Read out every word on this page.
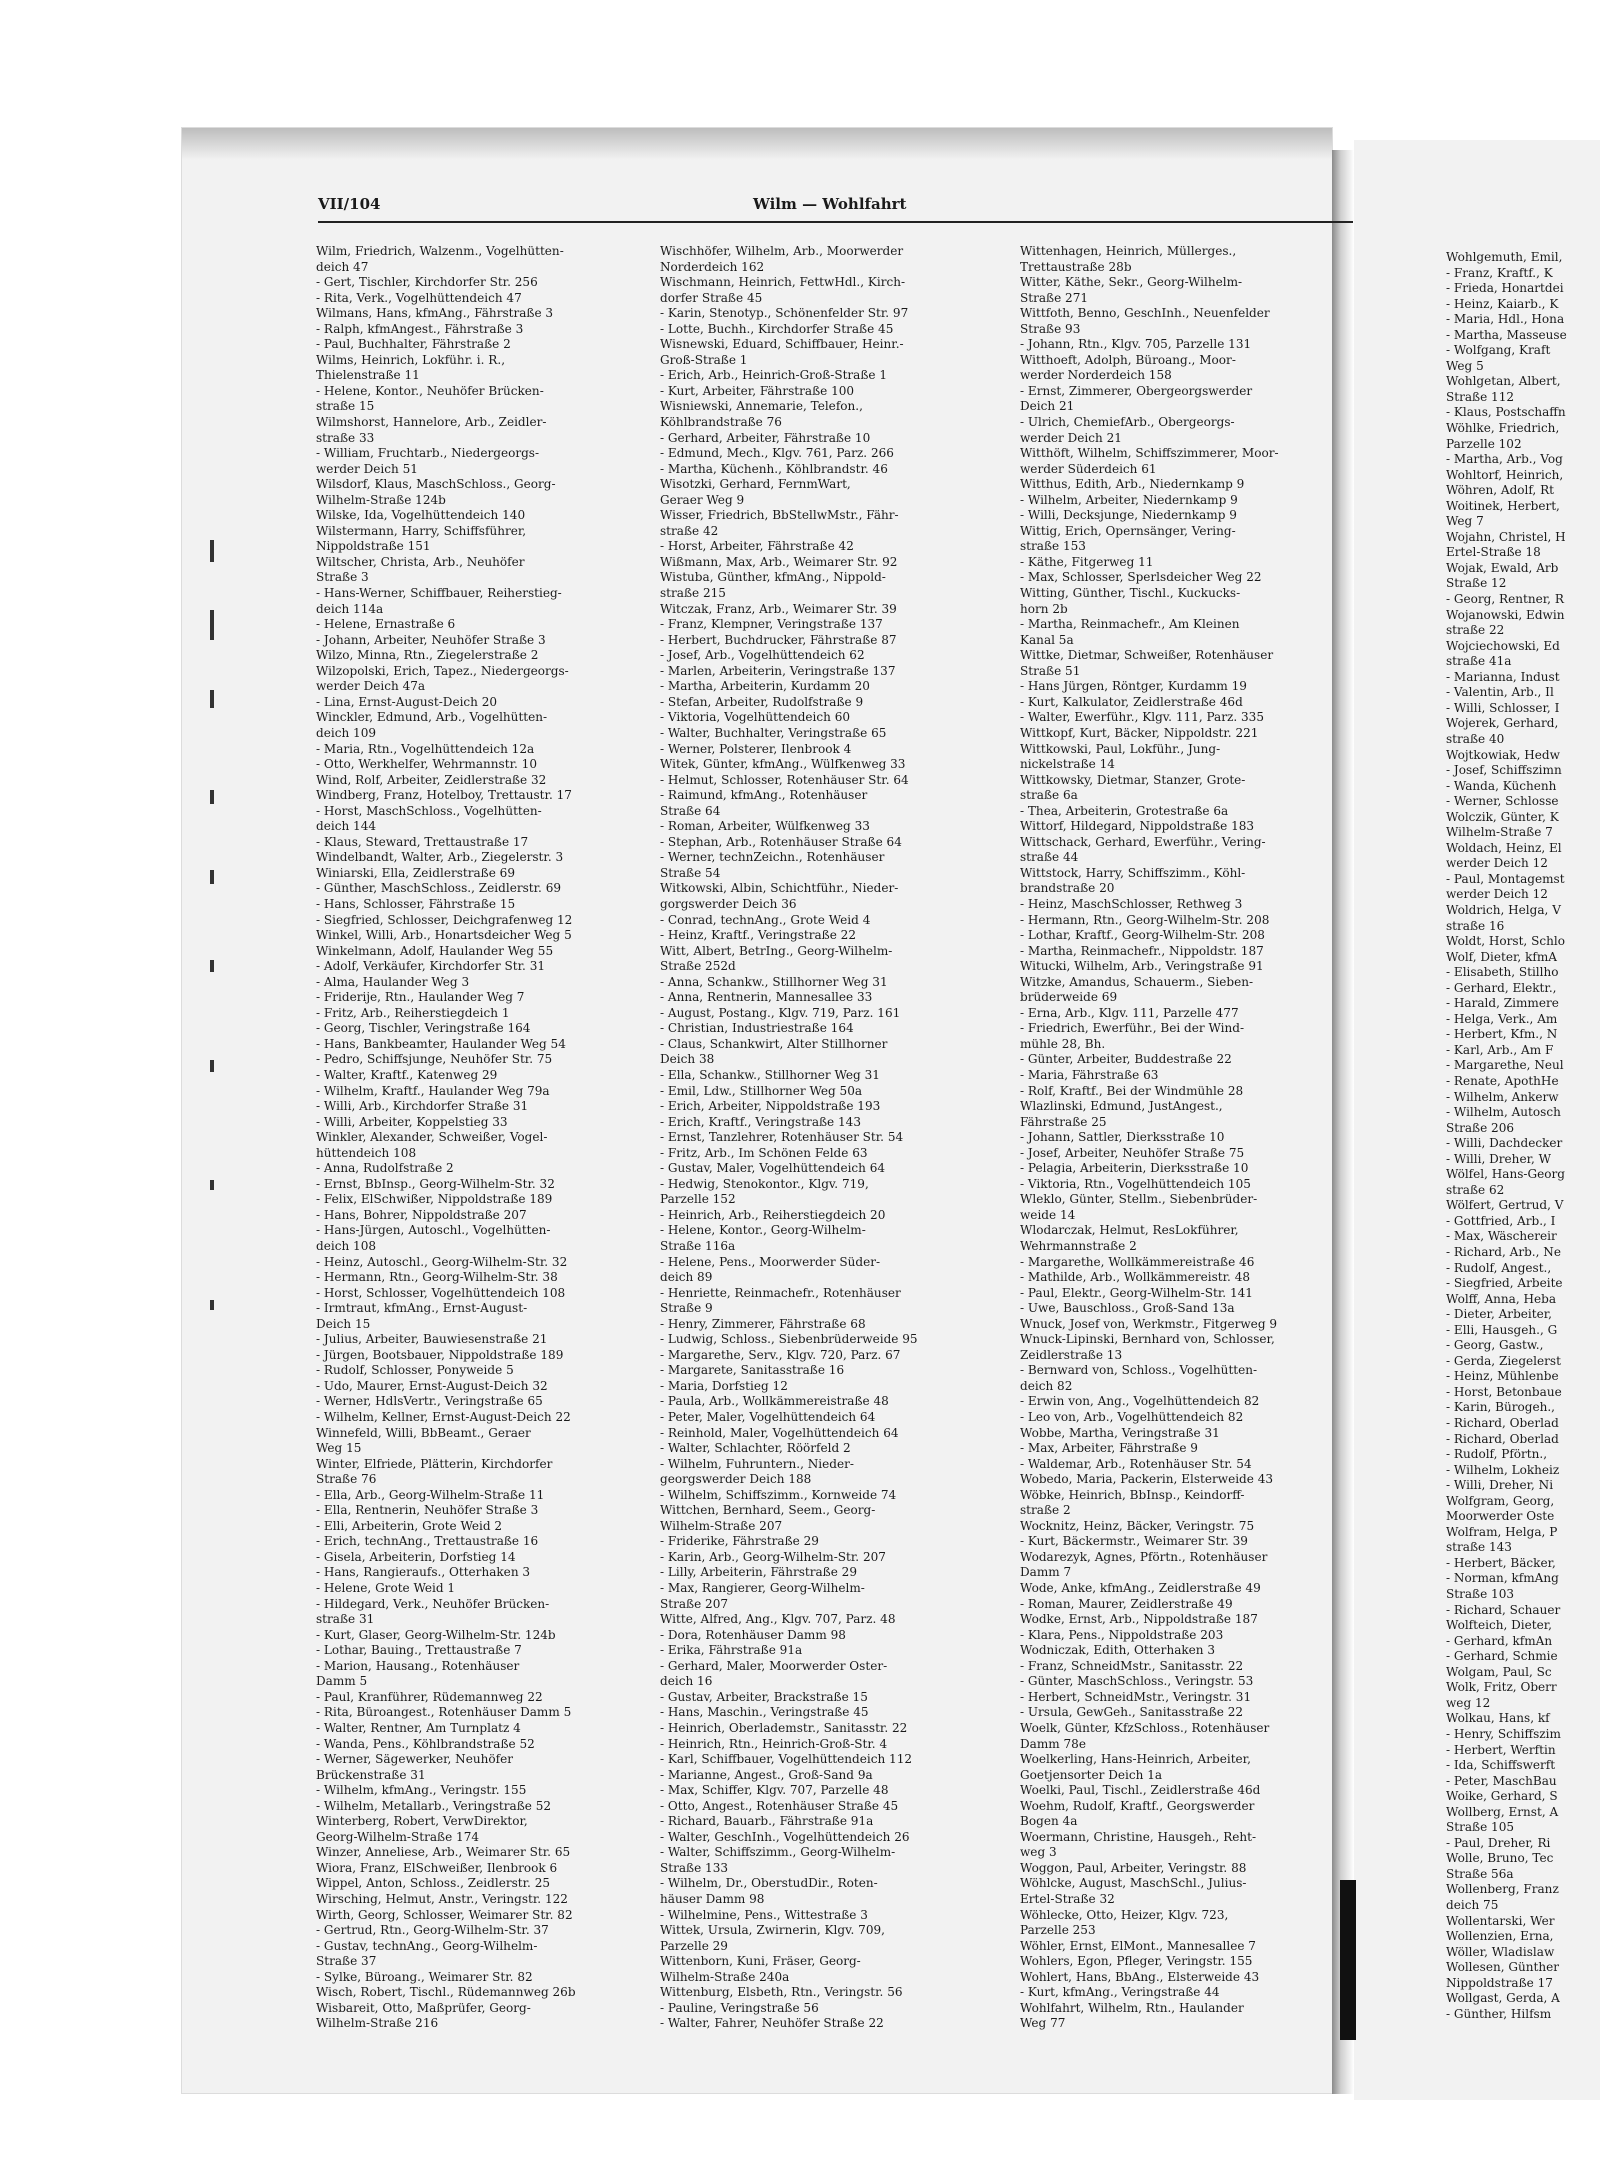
VII/104	Wilm — Wohlfahrt
Wilm, Friedrich, Walzenm., Vogelhütten-
deich 47
- Gert, Tischler, Kirchdorfer Str. 256
- Rita, Verk., Vogelhüttendeich 47
Wilmans, Hans, kfmAng., Fährstraße 3
- Ralph, kfmAngest., Fährstraße 3
- Paul, Buchhalter, Fährstraße 2
Wilms, Heinrich, Lokführ. i. R.,
Thielenstraße 11
- Helene, Kontor., Neuhöfer Brücken-
straße 15
Wilmshorst, Hannelore, Arb., Zeidler-
straße 33
- William, Fruchtarb., Niedergeorgs-
werder Deich 51
Wilsdorf, Klaus, MaschSchloss., Georg-
Wilhelm-Straße 124b
Wilske, Ida, Vogelhüttendeich 140
Wilstermann, Harry, Schiffsführer,
Nippoldstraße 151
Wiltscher, Christa, Arb., Neuhöfer
Straße 3
- Hans-Werner, Schiffbauer, Reiherstieg-
deich 114a
- Helene, Ernastraße 6
- Johann, Arbeiter, Neuhöfer Straße 3
Wilzo, Minna, Rtn., Ziegelerstraße 2
Wilzopolski, Erich, Tapez., Niedergeorgs-
werder Deich 47a
- Lina, Ernst-August-Deich 20
Winckler, Edmund, Arb., Vogelhütten-
deich 109
- Maria, Rtn., Vogelhüttendeich 12a
- Otto, Werkhelfer, Wehrmannstr. 10
Wind, Rolf, Arbeiter, Zeidlerstraße 32
Windberg, Franz, Hotelboy, Trettaustr. 17
- Horst, MaschSchloss., Vogelhütten-
deich 144
- Klaus, Steward, Trettaustraße 17
Windelbandt, Walter, Arb., Ziegelerstr. 3
Winiarski, Ella, Zeidlerstraße 69
- Günther, MaschSchloss., Zeidlerstr. 69
- Hans, Schlosser, Fährstraße 15
- Siegfried, Schlosser, Deichgrafenweg 12
Winkel, Willi, Arb., Honartsdeicher Weg 5
Winkelmann, Adolf, Haulander Weg 55
- Adolf, Verkäufer, Kirchdorfer Str. 31
- Alma, Haulander Weg 3
- Friderije, Rtn., Haulander Weg 7
- Fritz, Arb., Reiherstiegdeich 1
- Georg, Tischler, Veringstraße 164
- Hans, Bankbeamter, Haulander Weg 54
- Pedro, Schiffsjunge, Neuhöfer Str. 75
- Walter, Kraftf., Katenweg 29
- Wilhelm, Kraftf., Haulander Weg 79a
- Willi, Arb., Kirchdorfer Straße 31
- Willi, Arbeiter, Koppelstieg 33
Winkler, Alexander, Schweißer, Vogel-
hüttendeich 108
- Anna, Rudolfstraße 2
- Ernst, BbInsp., Georg-Wilhelm-Str. 32
- Felix, ElSchwißer, Nippoldstraße 189
- Hans, Bohrer, Nippoldstraße 207
- Hans-Jürgen, Autoschl., Vogelhütten-
deich 108
- Heinz, Autoschl., Georg-Wilhelm-Str. 32
- Hermann, Rtn., Georg-Wilhelm-Str. 38
- Horst, Schlosser, Vogelhüttendeich 108
- Irmtraut, kfmAng., Ernst-August-
Deich 15
- Julius, Arbeiter, Bauwiesenstraße 21
- Jürgen, Bootsbauer, Nippoldstraße 189
- Rudolf, Schlosser, Ponyweide 5
- Udo, Maurer, Ernst-August-Deich 32
- Werner, HdlsVertr., Veringstraße 65
- Wilhelm, Kellner, Ernst-August-Deich 22
Winnefeld, Willi, BbBeamt., Geraer
Weg 15
Winter, Elfriede, Plätterin, Kirchdorfer
Straße 76
- Ella, Arb., Georg-Wilhelm-Straße 11
- Ella, Rentnerin, Neuhöfer Straße 3
- Elli, Arbeiterin, Grote Weid 2
- Erich, technAng., Trettaustraße 16
- Gisela, Arbeiterin, Dorfstieg 14
- Hans, Rangieraufs., Otterhaken 3
- Helene, Grote Weid 1
- Hildegard, Verk., Neuhöfer Brücken-
straße 31
- Kurt, Glaser, Georg-Wilhelm-Str. 124b
- Lothar, Bauing., Trettaustraße 7
- Marion, Hausang., Rotenhäuser
Damm 5
- Paul, Kranführer, Rüdemannweg 22
- Rita, Büroangest., Rotenhäuser Damm 5
- Walter, Rentner, Am Turnplatz 4
- Wanda, Pens., Köhlbrandstraße 52
- Werner, Sägewerker, Neuhöfer
Brückenstraße 31
- Wilhelm, kfmAng., Veringstr. 155
- Wilhelm, Metallarb., Veringstraße 52
Winterberg, Robert, VerwDirektor,
Georg-Wilhelm-Straße 174
Winzer, Anneliese, Arb., Weimarer Str. 65
Wiora, Franz, ElSchweißer, Ilenbrook 6
Wippel, Anton, Schloss., Zeidlerstr. 25
Wirsching, Helmut, Anstr., Veringstr. 122
Wirth, Georg, Schlosser, Weimarer Str. 82
- Gertrud, Rtn., Georg-Wilhelm-Str. 37
- Gustav, technAng., Georg-Wilhelm-
Straße 37
- Sylke, Büroang., Weimarer Str. 82
Wisch, Robert, Tischl., Rüdemannweg 26b
Wisbareit, Otto, Maßprüfer, Georg-
Wilhelm-Straße 216
Wischhöfer, Wilhelm, Arb., Moorwerder
Norderdeich 162
Wischmann, Heinrich, FettwHdl., Kirch-
dorfer Straße 45
- Karin, Stenotyp., Schönenfelder Str. 97
- Lotte, Buchh., Kirchdorfer Straße 45
Wisnewski, Eduard, Schiffbauer, Heinr.-
Groß-Straße 1
- Erich, Arb., Heinrich-Groß-Straße 1
- Kurt, Arbeiter, Fährstraße 100
Wisniewski, Annemarie, Telefon.,
Köhlbrandstraße 76
- Gerhard, Arbeiter, Fährstraße 10
- Edmund, Mech., Klgv. 761, Parz. 266
- Martha, Küchenh., Köhlbrandstr. 46
Wisotzki, Gerhard, FernmWart,
Geraer Weg 9
Wisser, Friedrich, BbStellwMstr., Fähr-
straße 42
- Horst, Arbeiter, Fährstraße 42
Wißmann, Max, Arb., Weimarer Str. 92
Wistuba, Günther, kfmAng., Nippold-
straße 215
Witczak, Franz, Arb., Weimarer Str. 39
- Franz, Klempner, Veringstraße 137
- Herbert, Buchdrucker, Fährstraße 87
- Josef, Arb., Vogelhüttendeich 62
- Marlen, Arbeiterin, Veringstraße 137
- Martha, Arbeiterin, Kurdamm 20
- Stefan, Arbeiter, Rudolfstraße 9
- Viktoria, Vogelhüttendeich 60
- Walter, Buchhalter, Veringstraße 65
- Werner, Polsterer, Ilenbrook 4
Witek, Günter, kfmAng., Wülfkenweg 33
- Helmut, Schlosser, Rotenhäuser Str. 64
- Raimund, kfmAng., Rotenhäuser
Straße 64
- Roman, Arbeiter, Wülfkenweg 33
- Stephan, Arb., Rotenhäuser Straße 64
- Werner, technZeichn., Rotenhäuser
Straße 54
Witkowski, Albin, Schichtführ., Nieder-
gorgswerder Deich 36
- Conrad, technAng., Grote Weid 4
- Heinz, Kraftf., Veringstraße 22
Witt, Albert, BetrIng., Georg-Wilhelm-
Straße 252d
- Anna, Schankw., Stillhorner Weg 31
- Anna, Rentnerin, Mannesallee 33
- August, Postang., Klgv. 719, Parz. 161
- Christian, Industriestraße 164
- Claus, Schankwirt, Alter Stillhorner
Deich 38
- Ella, Schankw., Stillhorner Weg 31
- Emil, Ldw., Stillhorner Weg 50a
- Erich, Arbeiter, Nippoldstraße 193
- Erich, Kraftf., Veringstraße 143
- Ernst, Tanzlehrer, Rotenhäuser Str. 54
- Fritz, Arb., Im Schönen Felde 63
- Gustav, Maler, Vogelhüttendeich 64
- Hedwig, Stenokontor., Klgv. 719,
Parzelle 152
- Heinrich, Arb., Reiherstiegdeich 20
- Helene, Kontor., Georg-Wilhelm-
Straße 116a
- Helene, Pens., Moorwerder Süder-
deich 89
- Henriette, Reinmachefr., Rotenhäuser
Straße 9
- Henry, Zimmerer, Fährstraße 68
- Ludwig, Schloss., Siebenbrüderweide 95
- Margarethe, Serv., Klgv. 720, Parz. 67
- Margarete, Sanitasstraße 16
- Maria, Dorfstieg 12
- Paula, Arb., Wollkämmereistraße 48
- Peter, Maler, Vogelhüttendeich 64
- Reinhold, Maler, Vogelhüttendeich 64
- Walter, Schlachter, Röörfeld 2
- Wilhelm, Fuhruntern., Nieder-
georgswerder Deich 188
- Wilhelm, Schiffszimm., Kornweide 74
Wittchen, Bernhard, Seem., Georg-
Wilhelm-Straße 207
- Friderike, Fährstraße 29
- Karin, Arb., Georg-Wilhelm-Str. 207
- Lilly, Arbeiterin, Fährstraße 29
- Max, Rangierer, Georg-Wilhelm-
Straße 207
Witte, Alfred, Ang., Klgv. 707, Parz. 48
- Dora, Rotenhäuser Damm 98
- Erika, Fährstraße 91a
- Gerhard, Maler, Moorwerder Oster-
deich 16
- Gustav, Arbeiter, Brackstraße 15
- Hans, Maschin., Veringstraße 45
- Heinrich, Oberlademstr., Sanitasstr. 22
- Heinrich, Rtn., Heinrich-Groß-Str. 4
- Karl, Schiffbauer, Vogelhüttendeich 112
- Marianne, Angest., Groß-Sand 9a
- Max, Schiffer, Klgv. 707, Parzelle 48
- Otto, Angest., Rotenhäuser Straße 45
- Richard, Bauarb., Fährstraße 91a
- Walter, GeschInh., Vogelhüttendeich 26
- Walter, Schiffszimm., Georg-Wilhelm-
Straße 133
- Wilhelm, Dr., OberstudDir., Roten-
häuser Damm 98
- Wilhelmine, Pens., Wittestraße 3
Wittek, Ursula, Zwirnerin, Klgv. 709,
Parzelle 29
Wittenborn, Kuni, Fräser, Georg-
Wilhelm-Straße 240a
Wittenburg, Elsbeth, Rtn., Veringstr. 56
- Pauline, Veringstraße 56
- Walter, Fahrer, Neuhöfer Straße 22
Wittenhagen, Heinrich, Müllerges.,
Trettaustraße 28b
Witter, Käthe, Sekr., Georg-Wilhelm-
Straße 271
Wittfoth, Benno, GeschInh., Neuenfelder
Straße 93
- Johann, Rtn., Klgv. 705, Parzelle 131
Witthoeft, Adolph, Büroang., Moor-
werder Norderdeich 158
- Ernst, Zimmerer, Obergeorgswerder
Deich 21
- Ulrich, ChemiefArb., Obergeorgs-
werder Deich 21
Witthöft, Wilhelm, Schiffszimmerer, Moor-
werder Süderdeich 61
Witthus, Edith, Arb., Niedernkamp 9
- Wilhelm, Arbeiter, Niedernkamp 9
- Willi, Decksjunge, Niedernkamp 9
Wittig, Erich, Opernsänger, Vering-
straße 153
- Käthe, Fitgerweg 11
- Max, Schlosser, Sperlsdeicher Weg 22
Witting, Günther, Tischl., Kuckucks-
horn 2b
- Martha, Reinmachefr., Am Kleinen
Kanal 5a
Wittke, Dietmar, Schweißer, Rotenhäuser
Straße 51
- Hans Jürgen, Röntger, Kurdamm 19
- Kurt, Kalkulator, Zeidlerstraße 46d
- Walter, Ewerführ., Klgv. 111, Parz. 335
Wittkopf, Kurt, Bäcker, Nippoldstr. 221
Wittkowski, Paul, Lokführ., Jung-
nickelstraße 14
Wittkowsky, Dietmar, Stanzer, Grote-
straße 6a
- Thea, Arbeiterin, Grotestraße 6a
Wittorf, Hildegard, Nippoldstraße 183
Wittschack, Gerhard, Ewerführ., Vering-
straße 44
Wittstock, Harry, Schiffszimm., Köhl-
brandstraße 20
- Heinz, MaschSchlosser, Rethweg 3
- Hermann, Rtn., Georg-Wilhelm-Str. 208
- Lothar, Kraftf., Georg-Wilhelm-Str. 208
- Martha, Reinmachefr., Nippoldstr. 187
Witucki, Wilhelm, Arb., Veringstraße 91
Witzke, Amandus, Schauerm., Sieben-
brüderweide 69
- Erna, Arb., Klgv. 111, Parzelle 477
- Friedrich, Ewerführ., Bei der Wind-
mühle 28, Bh.
- Günter, Arbeiter, Buddestraße 22
- Maria, Fährstraße 63
- Rolf, Kraftf., Bei der Windmühle 28
Wlazlinski, Edmund, JustAngest.,
Fährstraße 25
- Johann, Sattler, Dierksstraße 10
- Josef, Arbeiter, Neuhöfer Straße 75
- Pelagia, Arbeiterin, Dierksstraße 10
- Viktoria, Rtn., Vogelhüttendeich 105
Wleklo, Günter, Stellm., Siebenbrüder-
weide 14
Wlodarczak, Helmut, ResLokführer,
Wehrmannstraße 2
- Margarethe, Wollkämmereistraße 46
- Mathilde, Arb., Wollkämmereistr. 48
- Paul, Elektr., Georg-Wilhelm-Str. 141
- Uwe, Bauschloss., Groß-Sand 13a
Wnuck, Josef von, Werkmstr., Fitgerweg 9
Wnuck-Lipinski, Bernhard von, Schlosser,
Zeidlerstraße 13
- Bernward von, Schloss., Vogelhütten-
deich 82
- Erwin von, Ang., Vogelhüttendeich 82
- Leo von, Arb., Vogelhüttendeich 82
Wobbe, Martha, Veringstraße 31
- Max, Arbeiter, Fährstraße 9
- Waldemar, Arb., Rotenhäuser Str. 54
Wobedo, Maria, Packerin, Elsterweide 43
Wöbke, Heinrich, BbInsp., Keindorff-
straße 2
Wocknitz, Heinz, Bäcker, Veringstr. 75
- Kurt, Bäckermstr., Weimarer Str. 39
Wodarezyk, Agnes, Pförtn., Rotenhäuser
Damm 7
Wode, Anke, kfmAng., Zeidlerstraße 49
- Roman, Maurer, Zeidlerstraße 49
Wodke, Ernst, Arb., Nippoldstraße 187
- Klara, Pens., Nippoldstraße 203
Wodniczak, Edith, Otterhaken 3
- Franz, SchneidMstr., Sanitasstr. 22
- Günter, MaschSchloss., Veringstr. 53
- Herbert, SchneidMstr., Veringstr. 31
- Ursula, GewGeh., Sanitasstraße 22
Woelk, Günter, KfzSchloss., Rotenhäuser
Damm 78e
Woelkerling, Hans-Heinrich, Arbeiter,
Goetjensorter Deich 1a
Woelki, Paul, Tischl., Zeidlerstraße 46d
Woehm, Rudolf, Kraftf., Georgswerder
Bogen 4a
Woermann, Christine, Hausgeh., Reht-
weg 3
Woggon, Paul, Arbeiter, Veringstr. 88
Wöhlcke, August, MaschSchl., Julius-
Ertel-Straße 32
Wöhlecke, Otto, Heizer, Klgv. 723,
Parzelle 253
Wöhler, Ernst, ElMont., Mannesallee 7
Wohlers, Egon, Pfleger, Veringstr. 155
Wohlert, Hans, BbAng., Elsterweide 43
- Kurt, kfmAng., Veringstraße 44
Wohlfahrt, Wilhelm, Rtn., Haulander
Weg 77
Wohlgemuth, Emil,
- Franz, Kraftf., K
- Frieda, Honartdei
- Heinz, Kaiarb., K
- Maria, Hdl., Hona
- Martha, Masseuse
- Wolfgang, Kraft
Weg 5
Wohlgetan, Albert,
Straße 112
- Klaus, Postschaffn
Wöhlke, Friedrich,
Parzelle 102
- Martha, Arb., Vog
Wohltorf, Heinrich,
Wöhren, Adolf, Rt
Woitinek, Herbert,
Weg 7
Wojahn, Christel, H
Ertel-Straße 18
Wojak, Ewald, Arb
Straße 12
- Georg, Rentner, R
Wojanowski, Edwin
straße 22
Wojciechowski, Ed
straße 41a
- Marianna, Indust
- Valentin, Arb., Il
- Willi, Schlosser, I
Wojerek, Gerhard,
straße 40
Wojtkowiak, Hedw
- Josef, Schiffszimn
- Wanda, Küchenh
- Werner, Schlosse
Wolczik, Günter, K
Wilhelm-Straße 7
Woldach, Heinz, El
werder Deich 12
- Paul, Montagemst
werder Deich 12
Woldrich, Helga, V
straße 16
Woldt, Horst, Schlo
Wolf, Dieter, kfmA
- Elisabeth, Stillho
- Gerhard, Elektr.,
- Harald, Zimmere
- Helga, Verk., Am
- Herbert, Kfm., N
- Karl, Arb., Am F
- Margarethe, Neul
- Renate, ApothHe
- Wilhelm, Ankerw
- Wilhelm, Autosch
Straße 206
- Willi, Dachdecker
- Willi, Dreher, W
Wölfel, Hans-Georg
straße 62
Wölfert, Gertrud, V
- Gottfried, Arb., I
- Max, Wäschereir
- Richard, Arb., Ne
- Rudolf, Angest.,
- Siegfried, Arbeite
Wolff, Anna, Heba
- Dieter, Arbeiter,
- Elli, Hausgeh., G
- Georg, Gastw.,
- Gerda, Ziegelerst
- Heinz, Mühlenbe
- Horst, Betonbaue
- Karin, Bürogeh.,
- Richard, Oberlad
- Richard, Oberlad
- Rudolf, Pförtn.,
- Wilhelm, Lokheiz
- Willi, Dreher, Ni
Wolfgram, Georg,
Moorwerder Oste
Wolfram, Helga, P
straße 143
- Herbert, Bäcker,
- Norman, kfmAng
Straße 103
- Richard, Schauer
Wolfteich, Dieter,
- Gerhard, kfmAn
- Gerhard, Schmie
Wolgam, Paul, Sc
Wolk, Fritz, Oberr
weg 12
Wolkau, Hans, kf
- Henry, Schiffszim
- Herbert, Werftin
- Ida, Schiffswerft
- Peter, MaschBau
Woike, Gerhard, S
Wollberg, Ernst, A
Straße 105
- Paul, Dreher, Ri
Wolle, Bruno, Tec
Straße 56a
Wollenberg, Franz
deich 75
Wollentarski, Wer
Wollenzien, Erna,
Wöller, Wladislaw
Wollesen, Günther
Nippoldstraße 17
Wollgast, Gerda, A
- Günther, Hilfsm
